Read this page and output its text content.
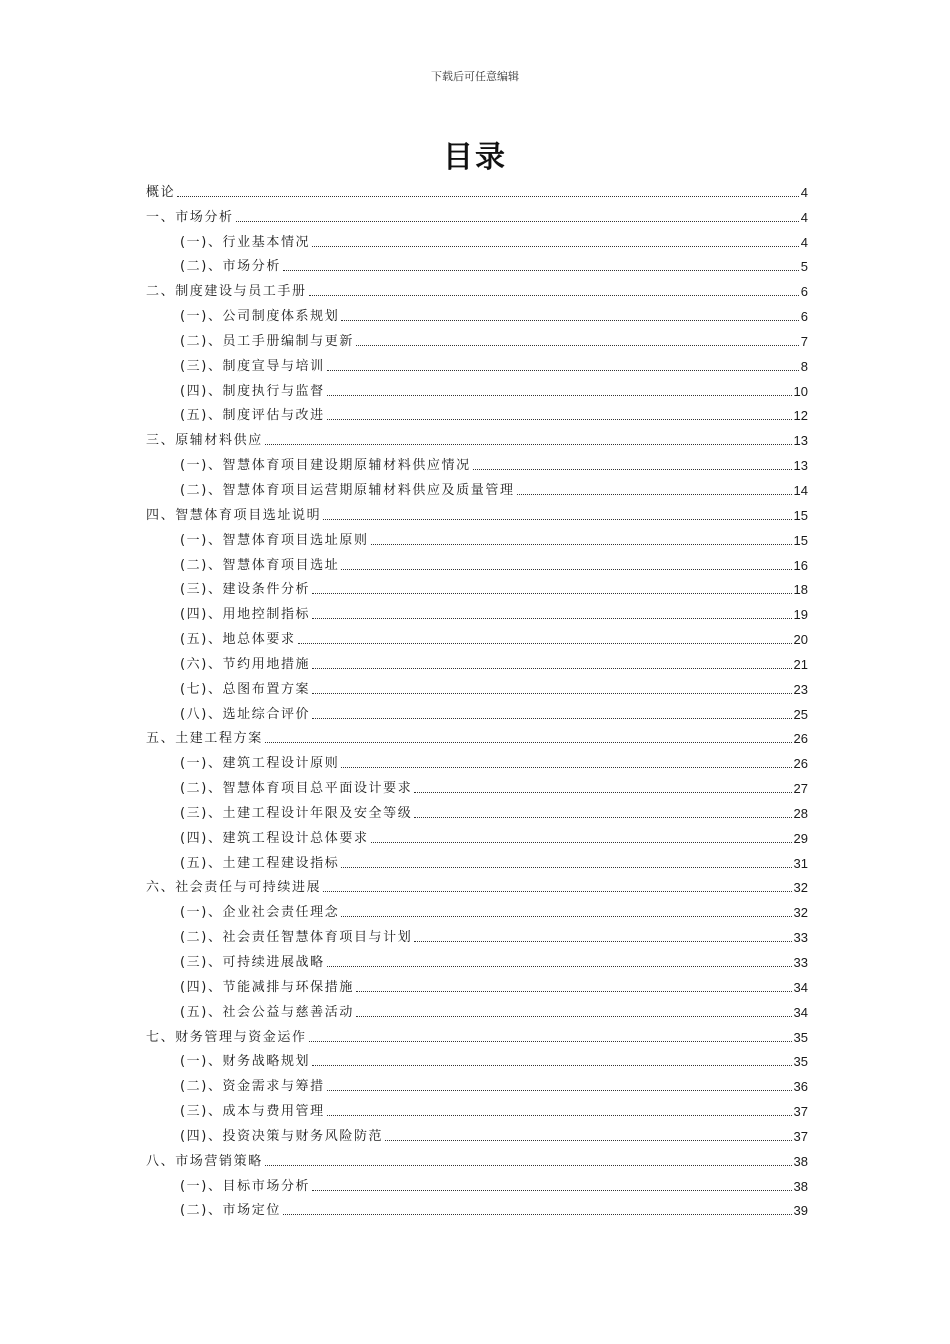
下载后可任意编辑
目录
概论	4
一、市场分析	4
(一)、行业基本情况	4
(二)、市场分析	5
二、制度建设与员工手册	6
(一)、公司制度体系规划	6
(二)、员工手册编制与更新	7
(三)、制度宣导与培训	8
(四)、制度执行与监督	10
(五)、制度评估与改进	12
三、原辅材料供应	13
(一)、智慧体育项目建设期原辅材料供应情况	13
(二)、智慧体育项目运营期原辅材料供应及质量管理	14
四、智慧体育项目选址说明	15
(一)、智慧体育项目选址原则	15
(二)、智慧体育项目选址	16
(三)、建设条件分析	18
(四)、用地控制指标	19
(五)、地总体要求	20
(六)、节约用地措施	21
(七)、总图布置方案	23
(八)、选址综合评价	25
五、土建工程方案	26
(一)、建筑工程设计原则	26
(二)、智慧体育项目总平面设计要求	27
(三)、土建工程设计年限及安全等级	28
(四)、建筑工程设计总体要求	29
(五)、土建工程建设指标	31
六、社会责任与可持续进展	32
(一)、企业社会责任理念	32
(二)、社会责任智慧体育项目与计划	33
(三)、可持续进展战略	33
(四)、节能减排与环保措施	34
(五)、社会公益与慈善活动	34
七、财务管理与资金运作	35
(一)、财务战略规划	35
(二)、资金需求与筹措	36
(三)、成本与费用管理	37
(四)、投资决策与财务风险防范	37
八、市场营销策略	38
(一)、目标市场分析	38
(二)、市场定位	39
